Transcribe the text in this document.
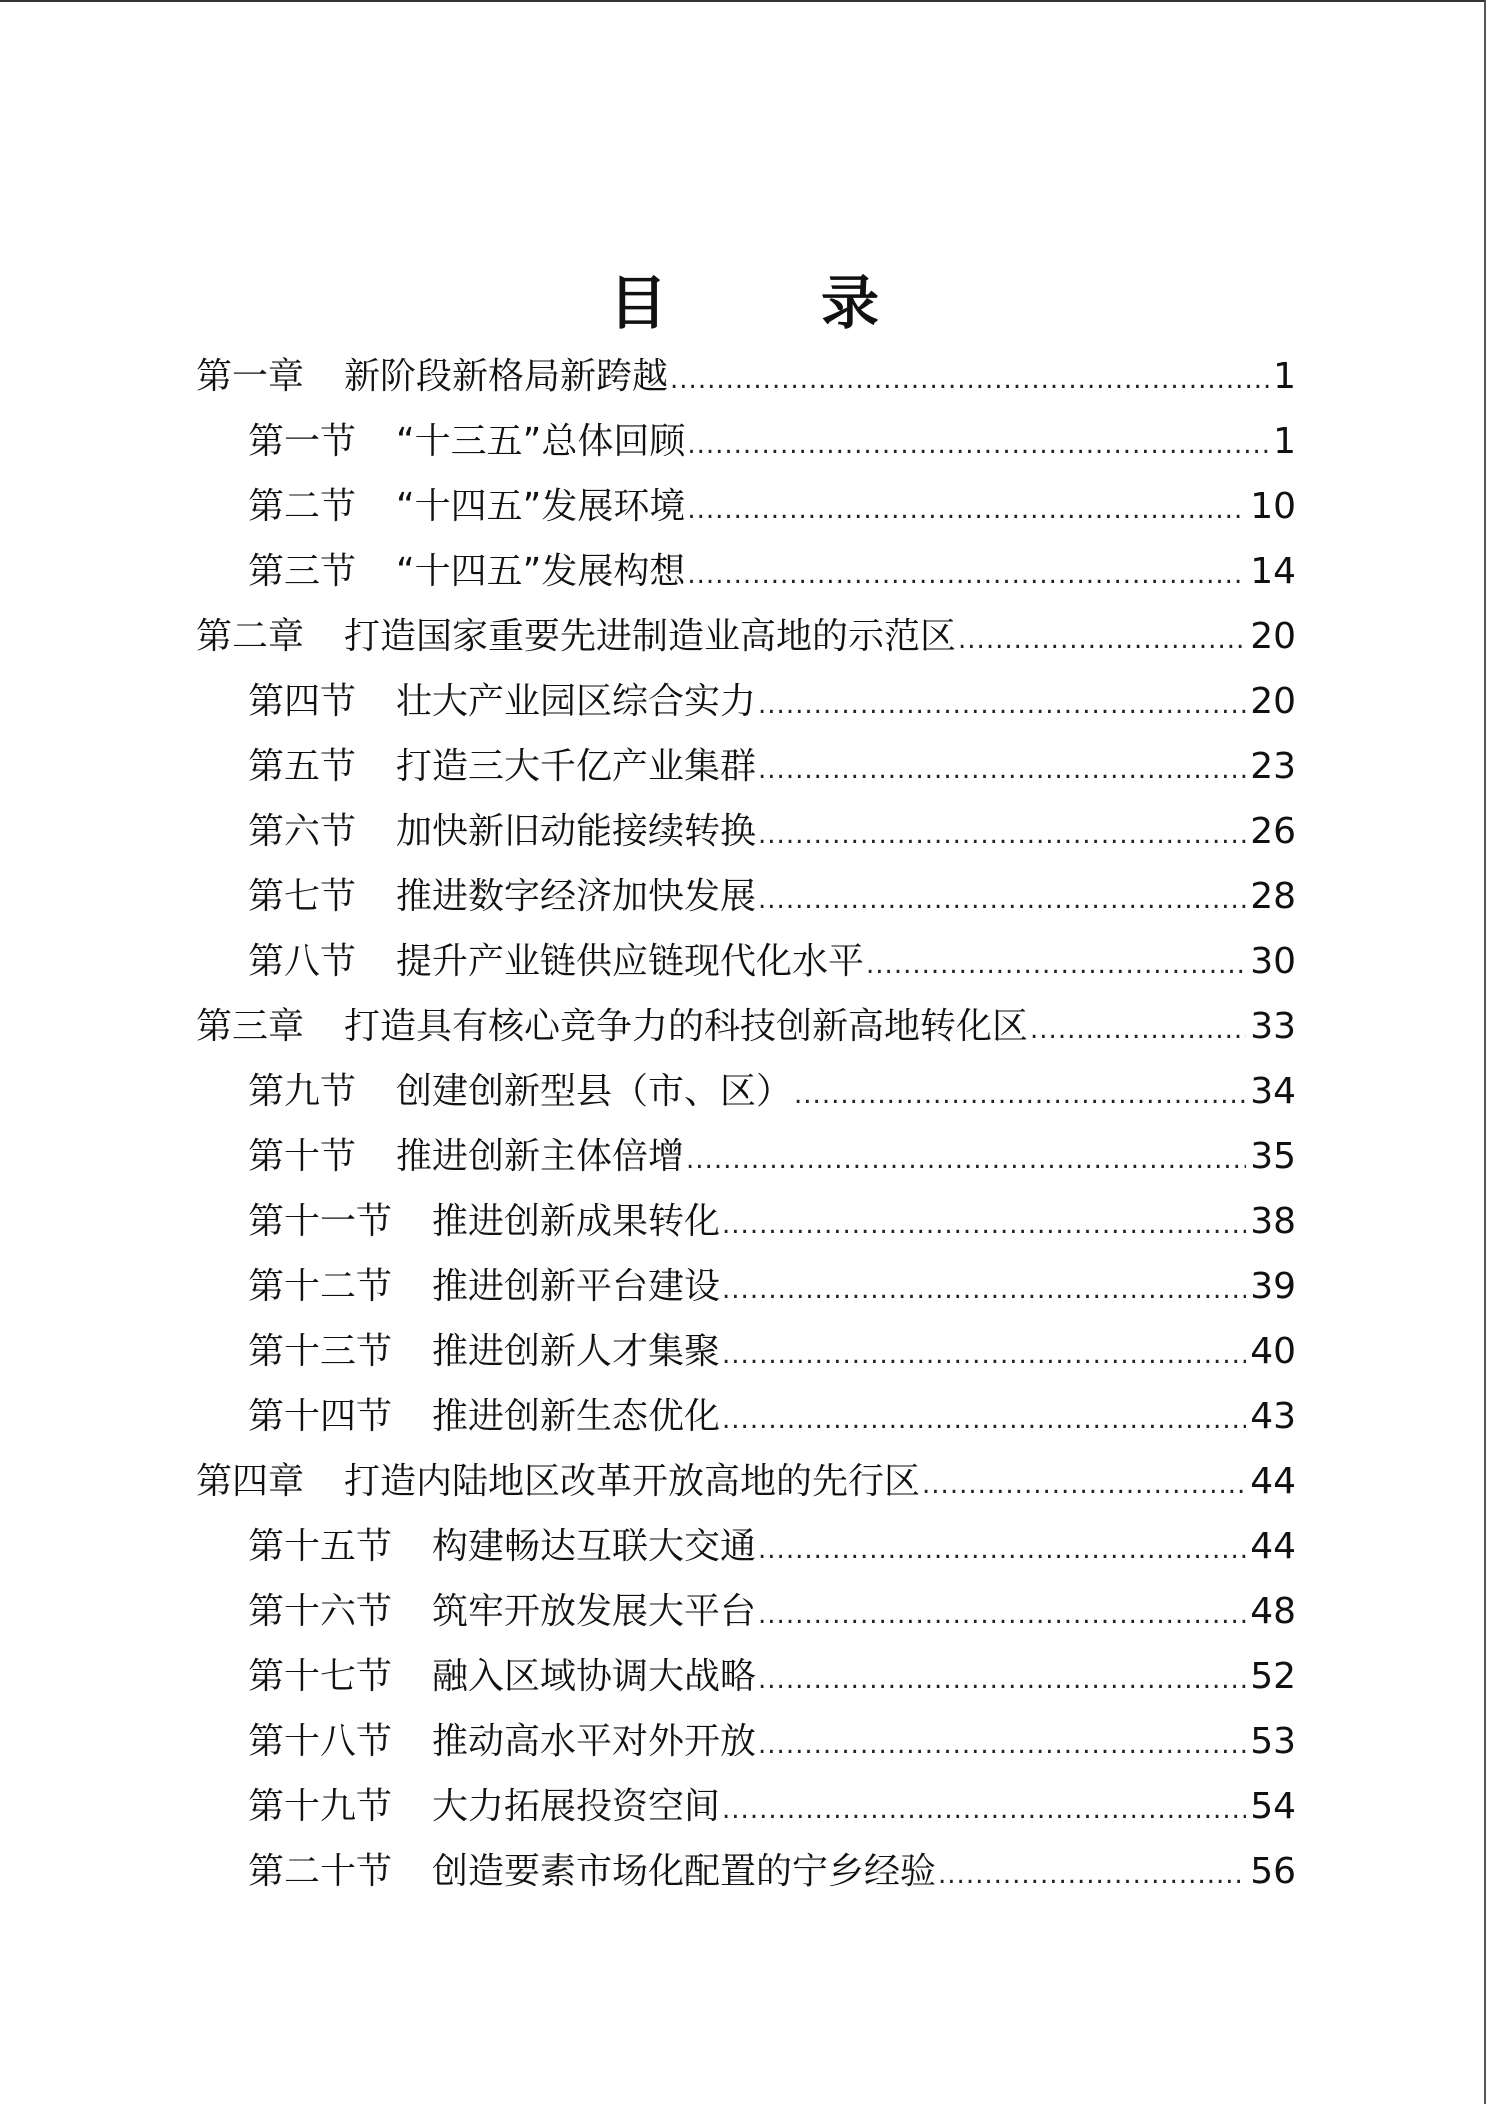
目　录
第一章 新阶段新格局新跨越 .....	1
第一节 “十三五”总体回顾 .....	1
第二节 “十四五”发展环境 .....	10
第三节 “十四五”发展构想 .....	14
第二章 打造国家重要先进制造业高地的示范区 .....	20
第四节 壮大产业园区综合实力 .....	20
第五节 打造三大千亿产业集群 .....	23
第六节 加快新旧动能接续转换 .....	26
第七节 推进数字经济加快发展 .....	28
第八节 提升产业链供应链现代化水平 .....	30
第三章 打造具有核心竞争力的科技创新高地转化区 .....	33
第九节 创建创新型县（市、区） .....	34
第十节 推进创新主体倍增 .....	35
第十一节 推进创新成果转化 .....	38
第十二节 推进创新平台建设 .....	39
第十三节 推进创新人才集聚 .....	40
第十四节 推进创新生态优化 .....	43
第四章 打造内陆地区改革开放高地的先行区 .....	44
第十五节 构建畅达互联大交通 .....	44
第十六节 筑牢开放发展大平台 .....	48
第十七节 融入区域协调大战略 .....	52
第十八节 推动高水平对外开放 .....	53
第十九节 大力拓展投资空间 .....	54
第二十节 创造要素市场化配置的宁乡经验 .....	56
